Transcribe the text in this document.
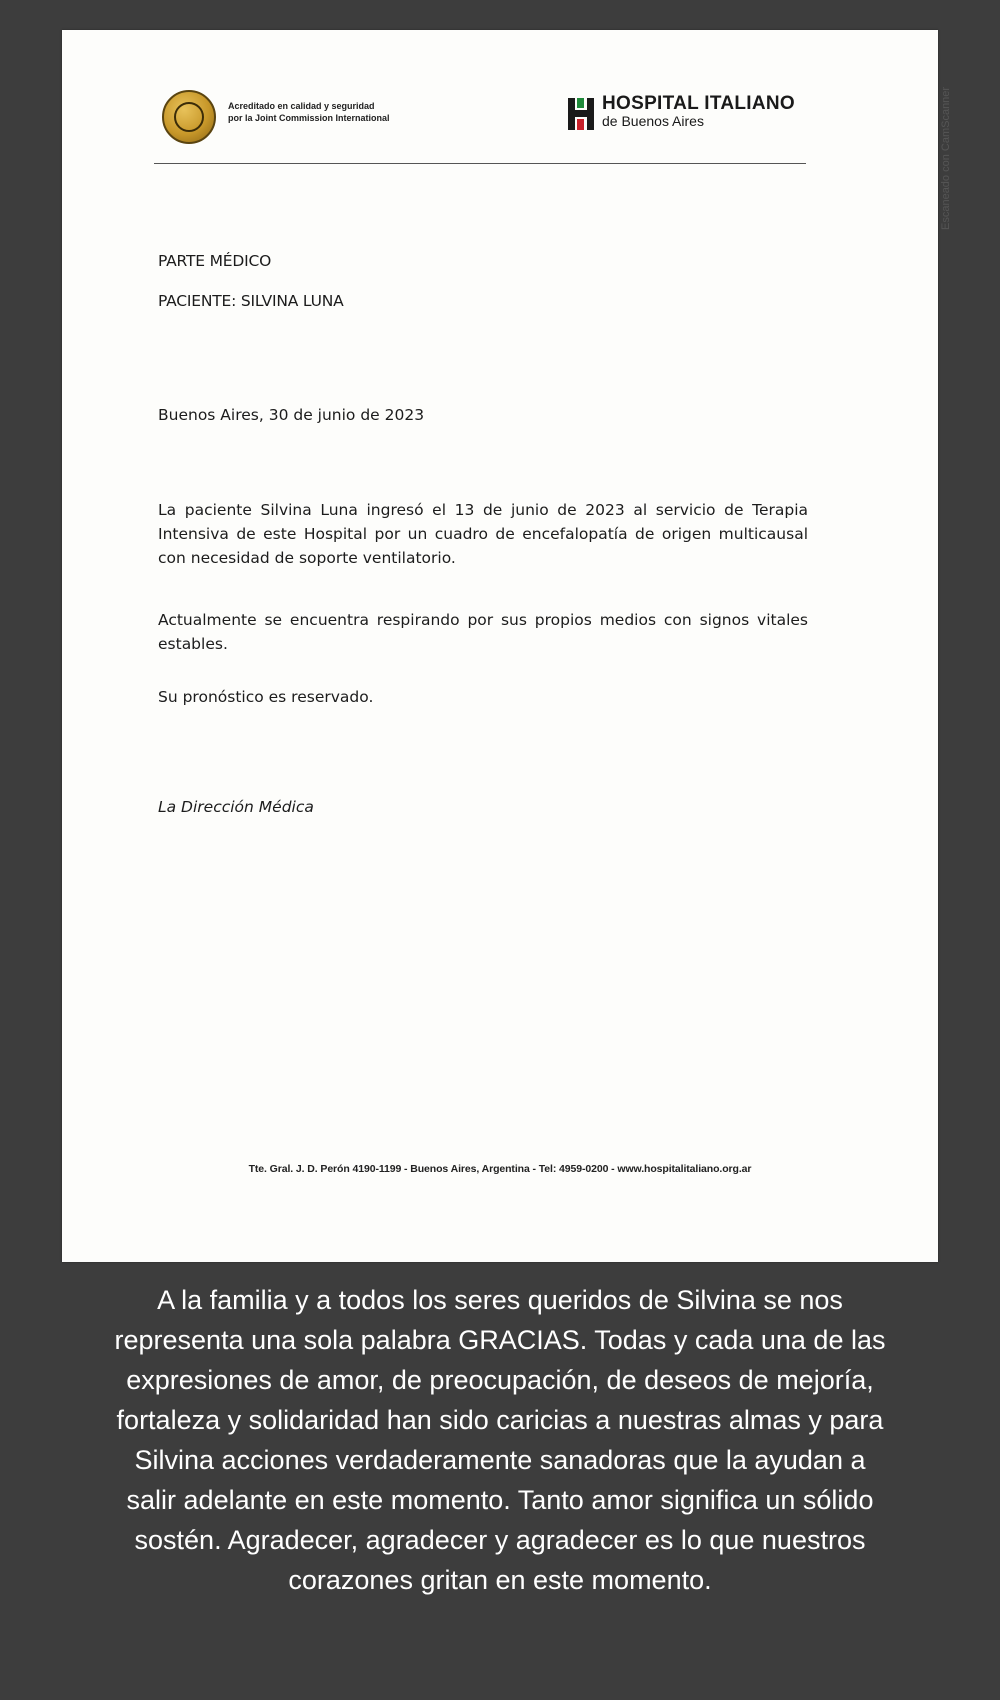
Acreditado en calidad y seguridad
por la Joint Commission International
HOSPITAL ITALIANO
de Buenos Aires	Escaneado con CamScanner
PARTE MÉDICO
PACIENTE: SILVINA LUNA
Buenos Aires, 30 de junio de 2023
La paciente Silvina Luna ingresó el 13 de junio de 2023 al servicio de Terapia Intensiva de este Hospital por un cuadro de encefalopatía de origen multicausal con necesidad de soporte ventilatorio.
Actualmente se encuentra respirando por sus propios medios con signos vitales estables.
Su pronóstico es reservado.
La Dirección Médica
Tte. Gral. J. D. Perón 4190-1199 - Buenos Aires, Argentina - Tel: 4959-0200 - www.hospitalitaliano.org.ar
A la familia y a todos los seres queridos de Silvina se nos
representa una sola palabra GRACIAS. Todas y cada una de las
expresiones de amor, de preocupación, de deseos de mejoría,
fortaleza y solidaridad han sido caricias a nuestras almas y para
Silvina acciones verdaderamente sanadoras que la ayudan a
salir adelante en este momento. Tanto amor significa un sólido
sostén. Agradecer, agradecer y agradecer es lo que nuestros
corazones gritan en este momento.
